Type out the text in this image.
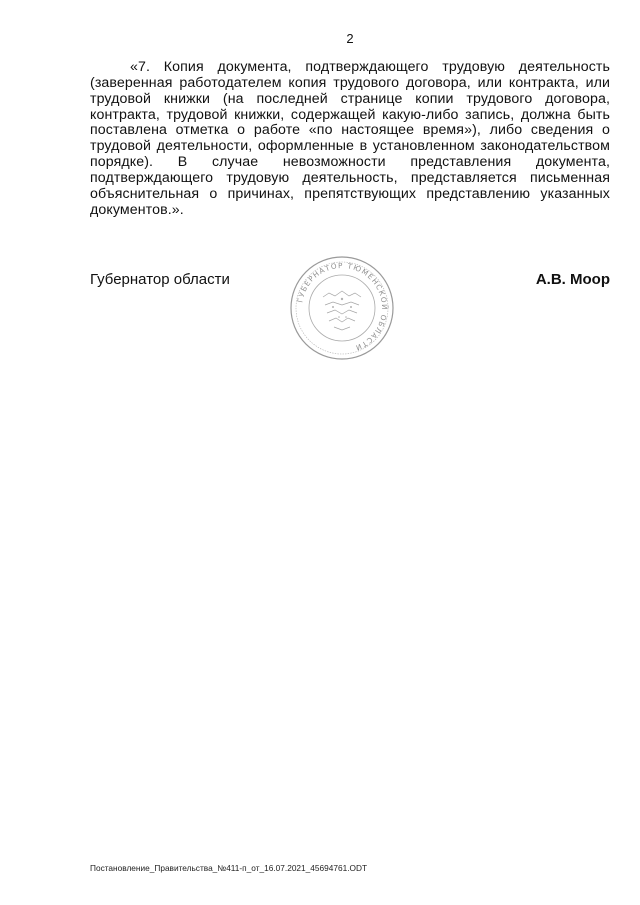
2

«7. Копия документа, подтверждающего трудовую деятельность (заверенная работодателем копия трудового договора, или контракта, или трудовой книжки (на последней странице копии трудового договора, контракта, трудовой книжки, содержащей какую-либо запись, должна быть поставлена отметка о работе «по настоящее время»), либо сведения о трудовой деятельности, оформленные в установленном законодательством порядке). В случае невозможности представления документа, подтверждающего трудовую деятельность, представляется письменная объяснительная о причинах, препятствующих представлению указанных документов.».

Губернатор области

ГУБЕРНАТОР ТЮМЕНСКОЙ ОБЛАСТИ

А.В. Моор

Постановление_Правительства_№411-п_от_16.07.2021_45694761.ODT
